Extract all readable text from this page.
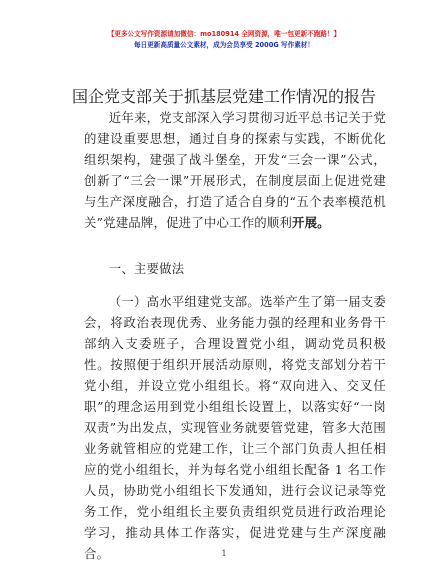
【更多公文写作资源请加微信：mo180914 全网资源，唯一包更新不跑路！】
每日更新高质量公文素材，成为会员享受 2000G 写作素材！
国企党支部关于抓基层党建工作情况的报告

近年来，党支部深入学习贯彻习近平总书记关于党的建设重要思想，通过自身的探索与实践，不断优化组织架构，建强了战斗堡垒，开发“三会一课”公式，创新了“三会一课”开展形式，在制度层面上促进党建与生产深度融合，打造了适合自身的“五个表率模范机关”党建品牌，促进了中心工作的顺利开展。

一、主要做法

（一）高水平组建党支部。选举产生了第一届支委会，将政治表现优秀、业务能力强的经理和业务骨干部纳入支委班子，合理设置党小组，调动党员积极性。按照便于组织开展活动原则，将党支部划分若干党小组，并设立党小组组长。将“双向进入、交叉任职”的理念运用到党小组组长设置上，以落实好“一岗双责”为出发点，实现管业务就要管党建，管多大范围业务就管相应的党建工作，让三个部门负责人担任相应的党小组组长，并为每名党小组组长配备 1 名工作人员，协助党小组组长下发通知，进行会议记录等党务工作，党小组组长主要负责组织党员进行政治理论学习，推动具体工作落实，促进党建与生产深度融合。	1
